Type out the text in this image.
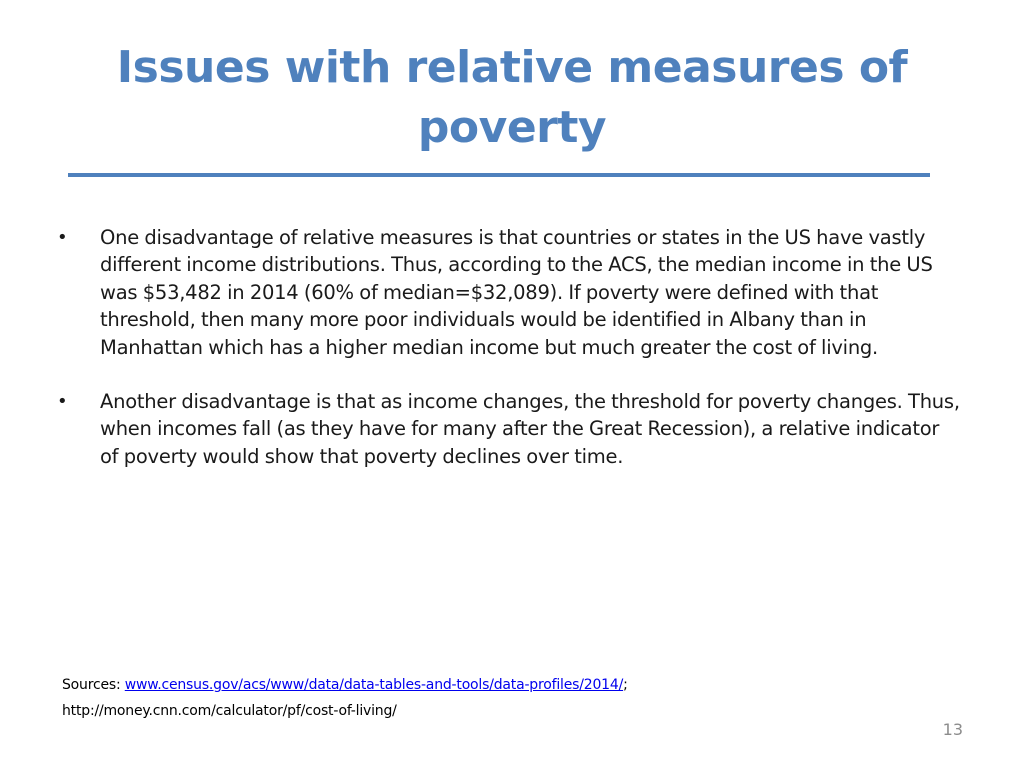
Issues with relative measures of poverty
• One disadvantage of relative measures is that countries or states in the US have vastly different income distributions. Thus, according to the ACS, the median income in the US was $53,482 in 2014 (60% of median=$32,089). If poverty were defined with that threshold, then many more poor individuals would be identified in Albany than in Manhattan which has a higher median income but much greater the cost of living.
• Another disadvantage is that as income changes, the threshold for poverty changes. Thus, when incomes fall (as they have for many after the Great Recession), a relative indicator of poverty would show that poverty declines over time.
Sources: www.census.gov/acs/www/data/data-tables-and-tools/data-profiles/2014/;
http://money.cnn.com/calculator/pf/cost-of-living/
13
